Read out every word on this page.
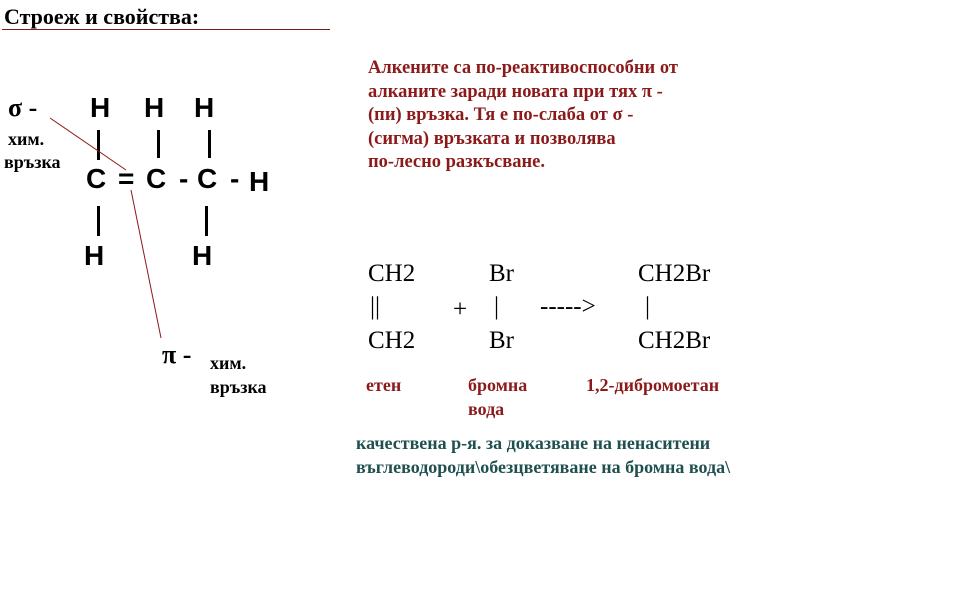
Строеж и свойства:
H H H
C = C - C - H
H	H
σ -
хим.
връзка
π - хим.
връзка

Алкените са по-реактивоспособни от

алканите заради новата при тях π -

(пи) връзка. Тя е по-слаба от σ -

(сигма) връзката и позволява

по-лесно разкъсване.

CH2
||
CH2
+
Br
|
Br
----->
CH2Br
|
CH2Br
етен	бромна
вода
1,2-дибромоетан

качествена р-я. за доказване на ненаситени

въглеводороди\обезцветяване на бромна вода\
